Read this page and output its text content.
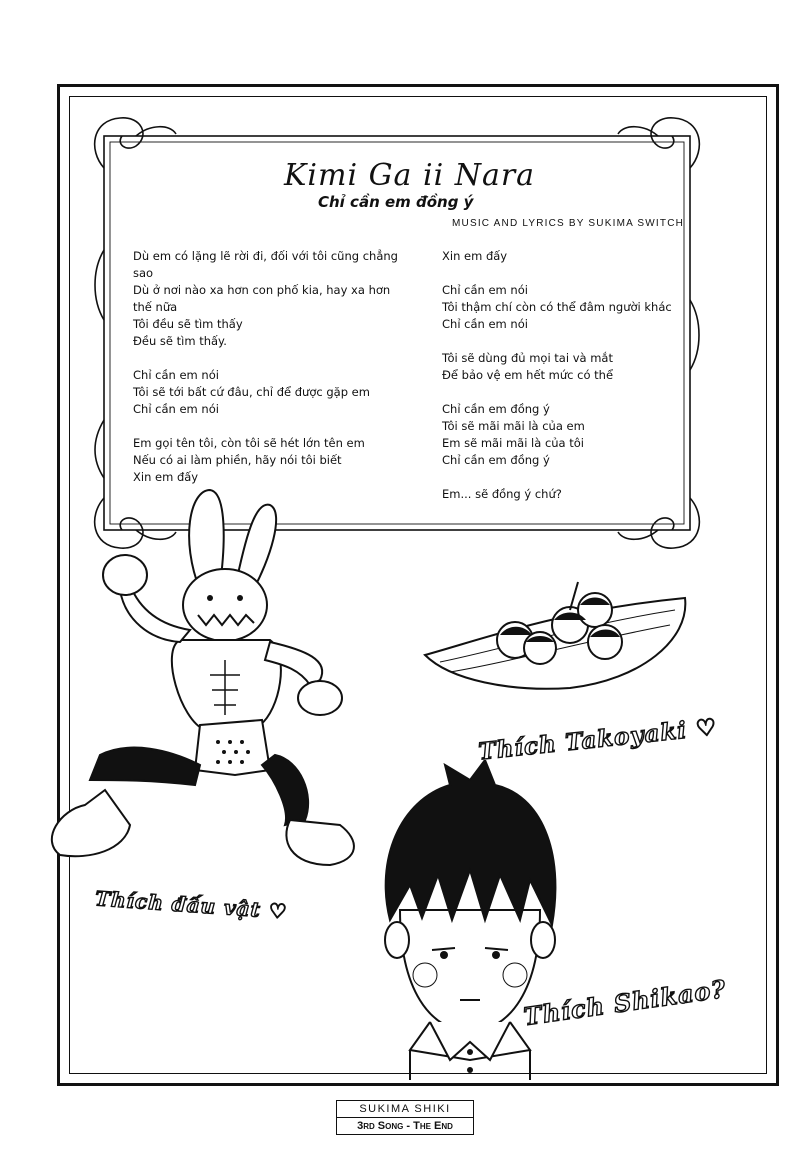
Kimi Ga ii Nara
Chỉ cần em đồng ý
MUSIC AND LYRICS BY SUKIMA SWITCH
Dù em có lặng lẽ rời đi, đối với tôi cũng chẳng
sao
Dù ở nơi nào xa hơn con phố kia, hay xa hơn
thế nữa
Tôi đều sẽ tìm thấy
Đều sẽ tìm thấy.
Chỉ cần em nói
Tôi sẽ tới bất cứ đâu, chỉ để được gặp em
Chỉ cần em nói
Em gọi tên tôi, còn tôi sẽ hét lớn tên em
Nếu có ai làm phiền, hãy nói tôi biết
Xin em đấy
Xin em đấy
Chỉ cần em nói
Tôi thậm chí còn có thể đâm người khác
Chỉ cần em nói
Tôi sẽ dùng đủ mọi tai và mắt
Để bảo vệ em hết mức có thể
Chỉ cần em đồng ý
Tôi sẽ mãi mãi là của em
Em sẽ mãi mãi là của tôi
Chỉ cần em đồng ý
Em... sẽ đồng ý chứ?
Thích Takoyaki ♡
Thích đấu vật ♡
Thích Shikao?
SUKIMA SHIKI
3rd Song - The End
